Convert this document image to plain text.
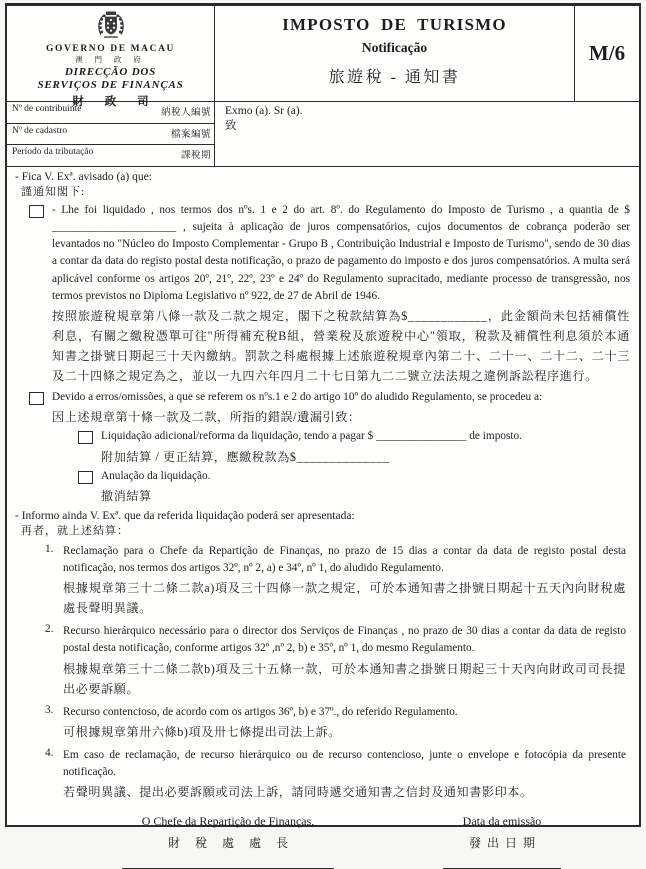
GOVERNO DE MACAU
澳 門 政 府
DIRECÇÃO DOS
SERVIÇOS DE FINANÇAS
財 政 司
IMPOSTO DE TURISMO
Notificação
旅遊稅 - 通知書
M/6
Nº de contribuinte	納稅人編號
Nº de cadastro	檔案編號
Período da tributação	課稅期
Exmo (a). Sr (a).
致
- Fica V. Exª. avisado (a) que:
謹通知閣下:
- Lhe foi liquidado , nos termos dos nºs. 1 e 2 do art. 8º. do Regulamento do Imposto de Turismo , a quantia de $ ______________________ , sujeita à aplicação de juros compensatórios, cujos documentos de cobrança poderão ser levantados no "Núcleo do Imposto Complementar - Grupo B , Contribuição Industrial e Imposto de Turismo", sendo de 30 dias a contar da data do registo postal desta notificação, o prazo de pagamento do imposto e dos juros compensatórios. A multa será aplicável conforme os artigos 20º, 21º, 22º, 23º e 24º do Regulamento supracitado, mediante processo de transgressão, nos termos previstos no Diploma Legislativo nº 922, de 27 de Abril de 1946.
按照旅遊稅規章第八條一款及二款之規定，閣下之稅款結算為$____________，此金額尚未包括補償性利息，有關之繳稅憑單可往"所得補充稅B組，營業稅及旅遊稅中心"領取，稅款及補償性利息須於本通知書之掛號日期起三十天內繳納。罰款之科處根據上述旅遊稅規章內第二十、二十一、二十二、二十三及二十四條之規定為之，並以一九四六年四月二十七日第九二二號立法法規之違例訴訟程序進行。
Devido a erros/omissões, a que se referem os nºs.1 e 2 do artigo 10º do aludido Regulamento, se procedeu a:
因上述規章第十條一款及二款，所指的錯誤/遺漏引致：
Liquidação adicional/reforma da liquidação, tendo a pagar $ ________________ de imposto.
附加結算 / 更正結算，應繳稅款為$______________
Anulação da liquidação.
撤消結算
- Informo ainda V. Exª. que da referida liquidação poderá ser apresentada:
再者，就上述結算：
1. Reclamação para o Chefe da Repartição de Finanças, no prazo de 15 dias a contar da data de registo postal desta notificação, nos termos dos artigos 32º, nº 2, a) e 34º, nº 1, do aludido Regulamento.
根據規章第三十二條二款a)項及三十四條一款之規定，可於本通知書之掛號日期起十五天內向財稅處處長聲明異議。
2. Recurso hierárquico necessário para o director dos Serviços de Finanças , no prazo de 30 dias a contar da data de registo postal desta notificação, conforme artigos 32º ,nº 2, b) e 35º, nº 1, do mesmo Regulamento.
根據規章第三十二條二款b)項及三十五條一款，可於本通知書之掛號日期起三十天內向財政司司長提出必要訴願。
3. Recurso contencioso, de acordo com os artigos 36º, b) e 37º., do referido Regulamento.
可根據規章第卅六條b)項及卅七條提出司法上訴。
4. Em caso de reclamação, de recurso hierárquico ou de recurso contencioso, junte o envelope e fotocópia da presente notificação.
若聲明異議、提出必要訴願或司法上訴，請同時遞交通知書之信封及通知書影印本。
O Chefe da Repartição de Finanças,
財 稅 處 處 長
Data da emissão
發出日期
